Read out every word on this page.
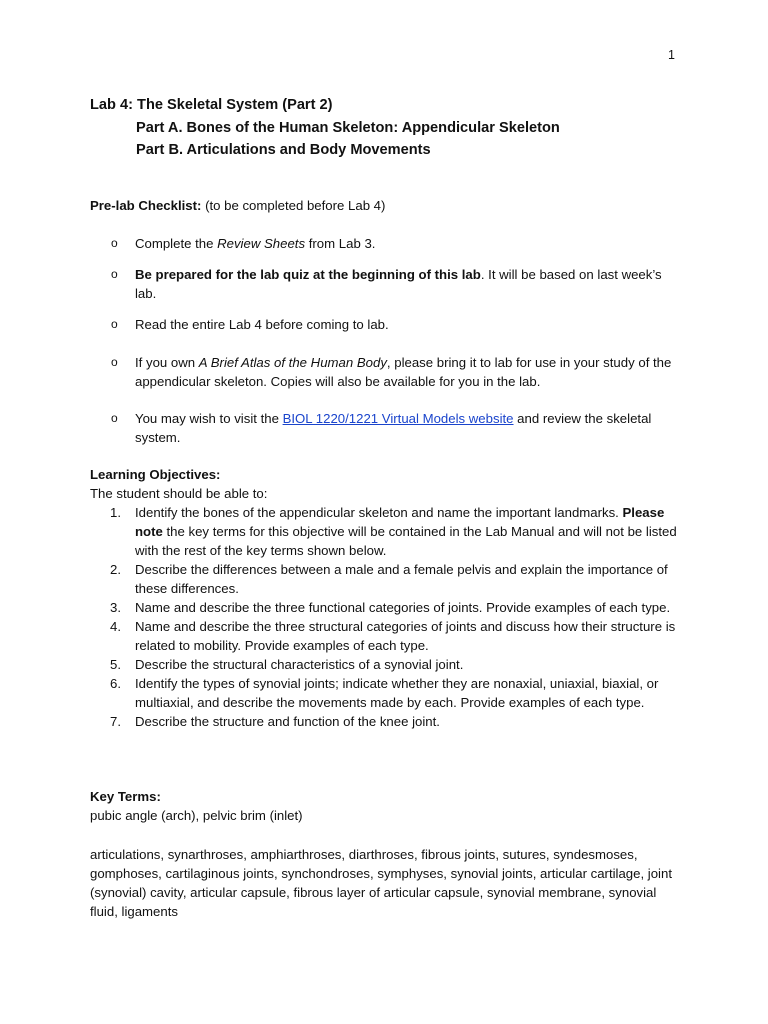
1
Lab 4: The Skeletal System (Part 2)
Part A. Bones of the Human Skeleton: Appendicular Skeleton
Part B. Articulations and Body Movements
Pre-lab Checklist: (to be completed before Lab 4)
o Complete the Review Sheets from Lab 3.
o Be prepared for the lab quiz at the beginning of this lab. It will be based on last week’s lab.
o Read the entire Lab 4 before coming to lab.
o If you own A Brief Atlas of the Human Body, please bring it to lab for use in your study of the appendicular skeleton. Copies will also be available for you in the lab.
o You may wish to visit the BIOL 1220/1221 Virtual Models website and review the skeletal system.
Learning Objectives:
The student should be able to:
1. Identify the bones of the appendicular skeleton and name the important landmarks. Please note the key terms for this objective will be contained in the Lab Manual and will not be listed with the rest of the key terms shown below.
2. Describe the differences between a male and a female pelvis and explain the importance of these differences.
3. Name and describe the three functional categories of joints. Provide examples of each type.
4. Name and describe the three structural categories of joints and discuss how their structure is related to mobility. Provide examples of each type.
5. Describe the structural characteristics of a synovial joint.
6. Identify the types of synovial joints; indicate whether they are nonaxial, uniaxial, biaxial, or multiaxial, and describe the movements made by each. Provide examples of each type.
7. Describe the structure and function of the knee joint.
Key Terms:
pubic angle (arch), pelvic brim (inlet)
articulations, synarthroses, amphiarthroses, diarthroses, fibrous joints, sutures, syndesmoses, gomphoses, cartilaginous joints, synchondroses, symphyses, synovial joints, articular cartilage, joint (synovial) cavity, articular capsule, fibrous layer of articular capsule, synovial membrane, synovial fluid, ligaments
